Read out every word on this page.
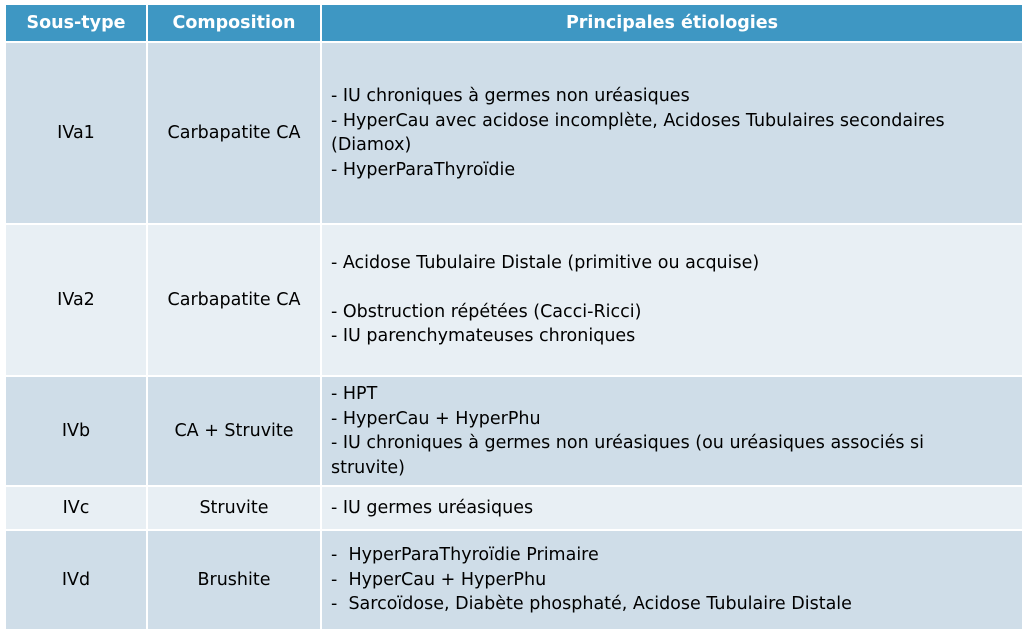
Sous-type	Composition	Principales étiologies
IVa1	Carbapatite CA	- IU chroniques à germes non uréasiques
- HyperCau avec acidose incomplète, Acidoses Tubulaires secondaires
(Diamox)
- HyperParaThyroïdie

IVa2	Carbapatite CA	- Acidose Tubulaire Distale (primitive ou acquise)
- Obstruction répétées (Cacci-Ricci)
- IU parenchymateuses chroniques

IVb	CA + Struvite	- HPT
- HyperCau + HyperPhu
- IU chroniques à germes non uréasiques (ou uréasiques associés si
struvite)

IVc	Struvite	- IU germes uréasiques

IVd	Brushite	-  HyperParaThyroïdie Primaire
-  HyperCau + HyperPhu
-  Sarcoïdose, Diabète phosphaté, Acidose Tubulaire Distale
